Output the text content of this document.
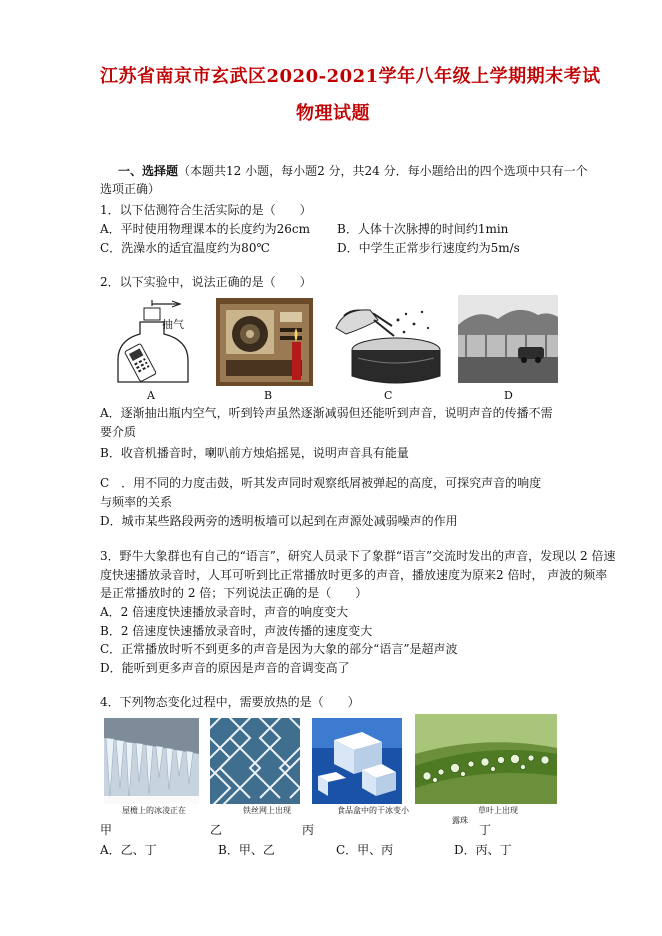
江苏省南京市玄武区2020-2021学年八年级上学期期末考试
物理试题
一、选择题（本题共12 小题，每小题2 分，共24 分．每小题给出的四个选项中只有一个
选项正确）
1．以下估测符合生活实际的是（　　）
A．平时使用物理课本的长度约为26cm B．人体十次脉搏的时间约1min
C．洗澡水的适宜温度约为80℃	D．中学生正常步行速度约为5m/s
2．以下实验中，说法正确的是（　　）
抽气
A	B	C	D
A．逐渐抽出瓶内空气，听到铃声虽然逐渐减弱但还能听到声音，说明声音的传播不需
要介质
B．收音机播音时，喇叭前方烛焰摇晃，说明声音具有能量
C　．用不同的力度击鼓，听其发声同时观察纸屑被弹起的高度，可探究声音的响度
与频率的关系
D．城市某些路段两旁的透明板墙可以起到在声源处减弱噪声的作用
3．野牛大象群也有自己的“语言”，研究人员录下了象群“语言”交流时发出的声音，发现以 2 倍速
度快速播放录音时，人耳可听到比正常播放时更多的声音，播放速度为原来2 倍时， 声波的频率
是正常播放时的 2 倍；下列说法正确的是（　　）
A．2 倍速度快速播放录音时，声音的响度变大
B．2 倍速度快速播放录音时，声波传播的速度变大
C．正常播放时听不到更多的声音是因为大象的部分“语言”是超声波
D．能听到更多声音的原因是声音的音调变高了
4．下列物态变化过程中，需要放热的是（　　）
屋檐上的冰凌正在	铁丝网上出现	食品盒中的干冰变小	草叶上出现
露珠
甲	乙	丙	丁
A．乙、丁	B．甲、乙	C．甲、丙	D．丙、丁
